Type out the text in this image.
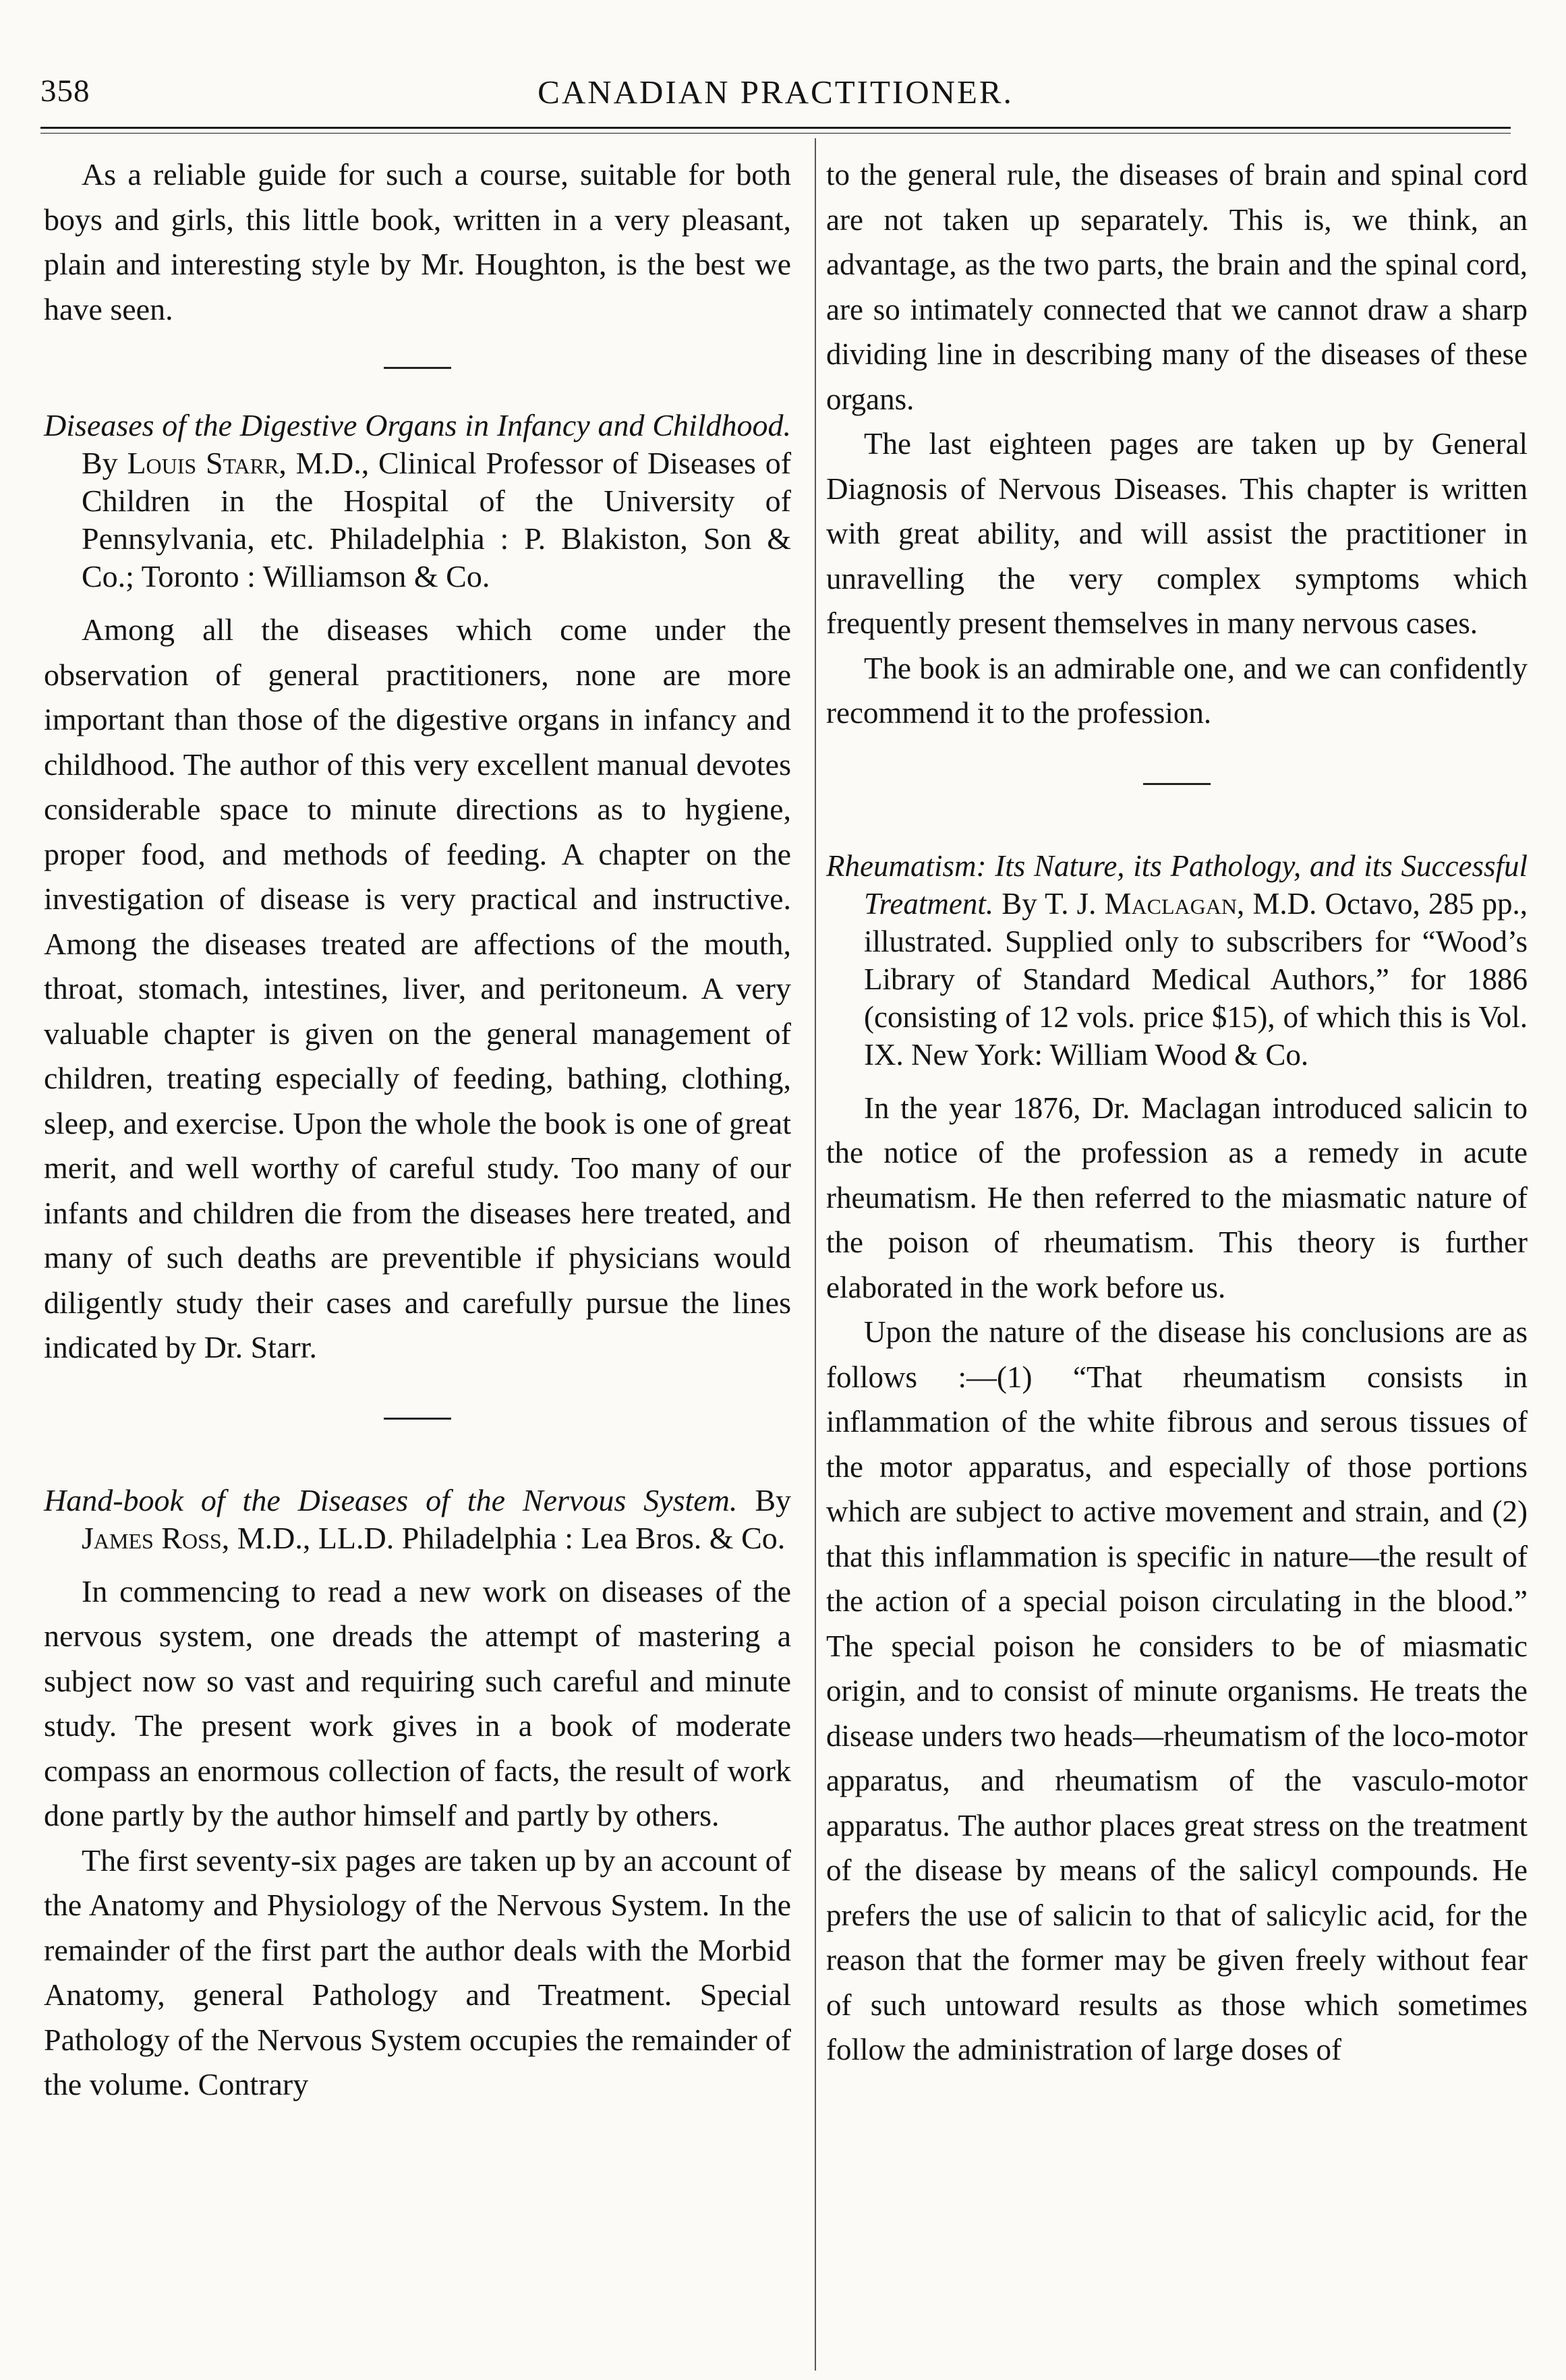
358	CANADIAN PRACTITIONER.

As a reliable guide for such a course, suitable for both boys and girls, this little book, written in a very pleasant, plain and interesting style by Mr. Houghton, is the best we have seen.

Diseases of the Digestive Organs in Infancy and Childhood. By Louis Starr, M.D., Clinical Professor of Diseases of Children in the Hospital of the University of Pennsylvania, etc. Philadelphia : P. Blakiston, Son & Co.; Toronto : Williamson & Co.

Among all the diseases which come under the observation of general practitioners, none are more important than those of the digestive organs in infancy and childhood. The author of this very excellent manual devotes considerable space to minute directions as to hygiene, proper food, and methods of feeding. A chapter on the investigation of disease is very practical and instructive. Among the diseases treated are affections of the mouth, throat, stomach, intestines, liver, and peritoneum. A very valuable chapter is given on the general management of children, treating especially of feeding, bathing, clothing, sleep, and exercise. Upon the whole the book is one of great merit, and well worthy of careful study. Too many of our infants and children die from the diseases here treated, and many of such deaths are preventible if physicians would diligently study their cases and carefully pursue the lines indicated by Dr. Starr.

Hand-book of the Diseases of the Nervous System. By James Ross, M.D., LL.D. Philadelphia : Lea Bros. & Co.

In commencing to read a new work on diseases of the nervous system, one dreads the attempt of mastering a subject now so vast and requiring such careful and minute study. The present work gives in a book of moderate compass an enormous collection of facts, the result of work done partly by the author himself and partly by others.

The first seventy-six pages are taken up by an account of the Anatomy and Physiology of the Nervous System. In the remainder of the first part the author deals with the Morbid Anatomy, general Pathology and Treatment. Special Pathology of the Nervous System occupies the remainder of the volume. Contrary

to the general rule, the diseases of brain and spinal cord are not taken up separately. This is, we think, an advantage, as the two parts, the brain and the spinal cord, are so intimately connected that we cannot draw a sharp dividing line in describing many of the diseases of these organs.

The last eighteen pages are taken up by General Diagnosis of Nervous Diseases. This chapter is written with great ability, and will assist the practitioner in unravelling the very complex symptoms which frequently present themselves in many nervous cases.

The book is an admirable one, and we can confidently recommend it to the profession.

Rheumatism: Its Nature, its Pathology, and its Successful Treatment. By T. J. Maclagan, M.D. Octavo, 285 pp., illustrated. Supplied only to subscribers for “Wood’s Library of Standard Medical Authors,” for 1886 (consisting of 12 vols. price $15), of which this is Vol. IX. New York: William Wood & Co.

In the year 1876, Dr. Maclagan introduced salicin to the notice of the profession as a remedy in acute rheumatism. He then referred to the miasmatic nature of the poison of rheumatism. This theory is further elaborated in the work before us.

Upon the nature of the disease his conclusions are as follows :—(1) “That rheumatism consists in inflammation of the white fibrous and serous tissues of the motor apparatus, and especially of those portions which are subject to active movement and strain, and (2) that this inflammation is specific in nature—the result of the action of a special poison circulating in the blood.” The special poison he considers to be of miasmatic origin, and to consist of minute organisms. He treats the disease unders two heads—rheumatism of the loco-motor apparatus, and rheumatism of the vasculo-motor apparatus. The author places great stress on the treatment of the disease by means of the salicyl compounds. He prefers the use of salicin to that of salicylic acid, for the reason that the former may be given freely without fear of such untoward results as those which sometimes follow the administration of large doses of
